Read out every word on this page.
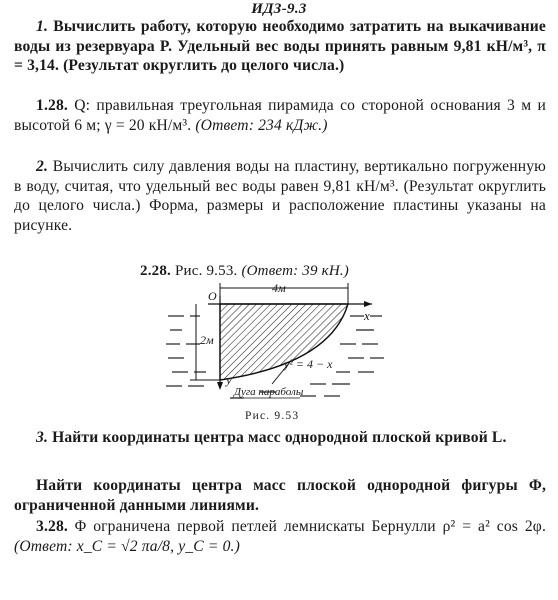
ИДЗ-9.3
1. Вычислить работу, которую необходимо затратить на выкачивание воды из резервуара P. Удельный вес воды принять равным 9,81 кН/м³, π = 3,14. (Результат округлить до целого числа.)
1.28. Q: правильная треугольная пирамида со стороной основания 3 м и высотой 6 м; γ = 20 кН/м³. (Ответ: 234 кДж.)
2. Вычислить силу давления воды на пластину, вертикально погруженную в воду, считая, что удельный вес воды равен 9,81 кН/м³. (Результат округлить до целого числа.) Форма, размеры и расположение пластины указаны на рисунке.
2.28. Рис. 9.53. (Ответ: 39 кН.)
4м
x
y
O
2м
y² = 4 − x
Дуга параболы
Рис. 9.53
3. Найти координаты центра масс однородной плоской кривой L.
Найти координаты центра масс плоской однородной фигуры Φ, ограниченной данными линиями.
3.28. Φ ограничена первой петлей лемнискаты Бернулли ρ² = a² cos 2φ. (Ответ: x_C = √2 πa/8, y_C = 0.)
